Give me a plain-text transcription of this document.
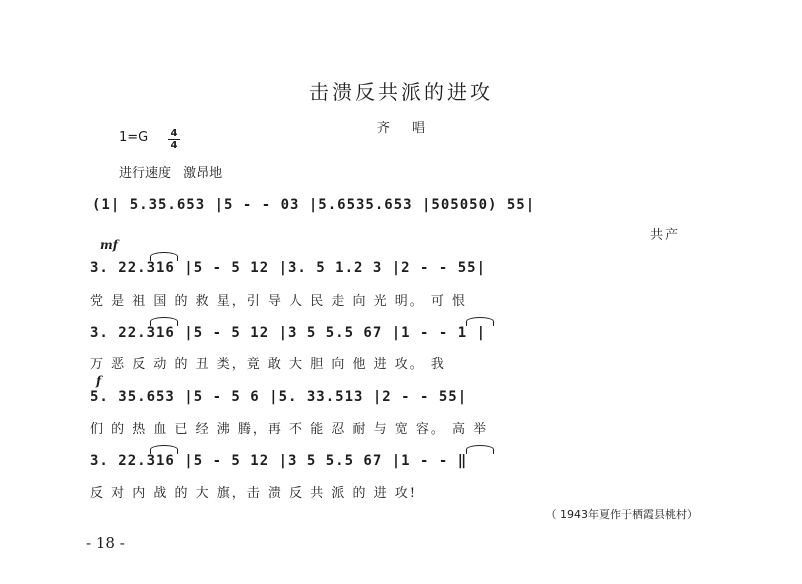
击溃反共派的进攻
齐 唱
1=G 4
4
进行速度 激昂地
(1| 5.35.653 |5 - - 03 |5.6535.653 |505050) 55|
共产
mf
3. 22.316 |5 - 5 12 |3. 5 1.2 3 |2 - - 55|
党 是 祖 国 的 救 星，引 导 人 民 走 向 光 明。 可 恨
3. 22.316 |5 - 5 12 |3 5 5.5 67 |1 - - 1 |
万 恶 反 动 的 丑 类，竟 敢 大 胆 向 他 进 攻。 我
f
5. 35.653 |5 - 5 6 |5. 33.513 |2 - - 55|
们 的 热 血 已 经 沸 腾，再 不 能 忍 耐 与 宽 容。 高 举
3. 22.316 |5 - 5 12 |3 5 5.5 67 |1 - - ‖
反 对 内 战 的 大 旗，击 溃 反 共 派 的 进 攻!
（ 1943年夏作于栖霞县桃村）
- 18 -
